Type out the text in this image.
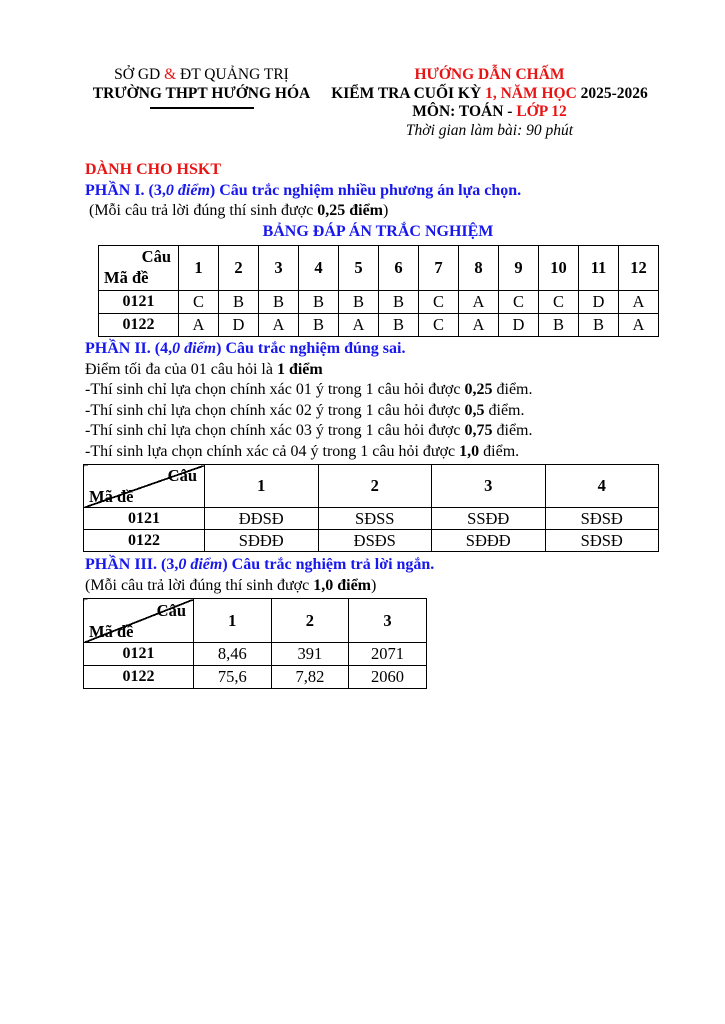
SỞ GD & ĐT QUẢNG TRỊ
TRƯỜNG THPT HƯỚNG HÓA
HƯỚNG DẪN CHẤM
KIỂM TRA CUỐI KỲ 1, NĂM HỌC 2025-2026
MÔN: TOÁN - LỚP 12
Thời gian làm bài: 90 phút

DÀNH CHO HSKT

PHẦN I. (3,0 điểm) Câu trắc nghiệm nhiều phương án lựa chọn.

(Mỗi câu trả lời đúng thí sinh được 0,25 điểm)

BẢNG ĐÁP ÁN TRẮC NGHIỆM

Câu
Mã đề	1	2	3	4	5	6	7	8	9	10	11	12
0121	C	B	B	B	B	B	C	A	C	C	D	A
0122	A	D	A	B	A	B	C	A	D	B	B	A

PHẦN II. (4,0 điểm) Câu trắc nghiệm đúng sai.

Điểm tối đa của 01 câu hỏi là 1 điểm

-Thí sinh chỉ lựa chọn chính xác 01 ý trong 1 câu hỏi được 0,25 điểm.

-Thí sinh chỉ lựa chọn chính xác 02 ý trong 1 câu hỏi được 0,5 điểm.

-Thí sinh chỉ lựa chọn chính xác 03 ý trong 1 câu hỏi được 0,75 điểm.

-Thí sinh lựa chọn chính xác cả 04 ý trong 1 câu hỏi được 1,0 điểm.

Câu
Mã đề	1	2	3	4
0121	ĐĐSĐ	SĐSS	SSĐĐ	SĐSĐ
0122	SĐĐĐ	ĐSĐS	SĐĐĐ	SĐSĐ

PHẦN III. (3,0 điểm) Câu trắc nghiệm trả lời ngắn.

(Mỗi câu trả lời đúng thí sinh được 1,0 điểm)

Câu
Mã đề	1	2	3
0121	8,46	391	2071
0122	75,6	7,82	2060
